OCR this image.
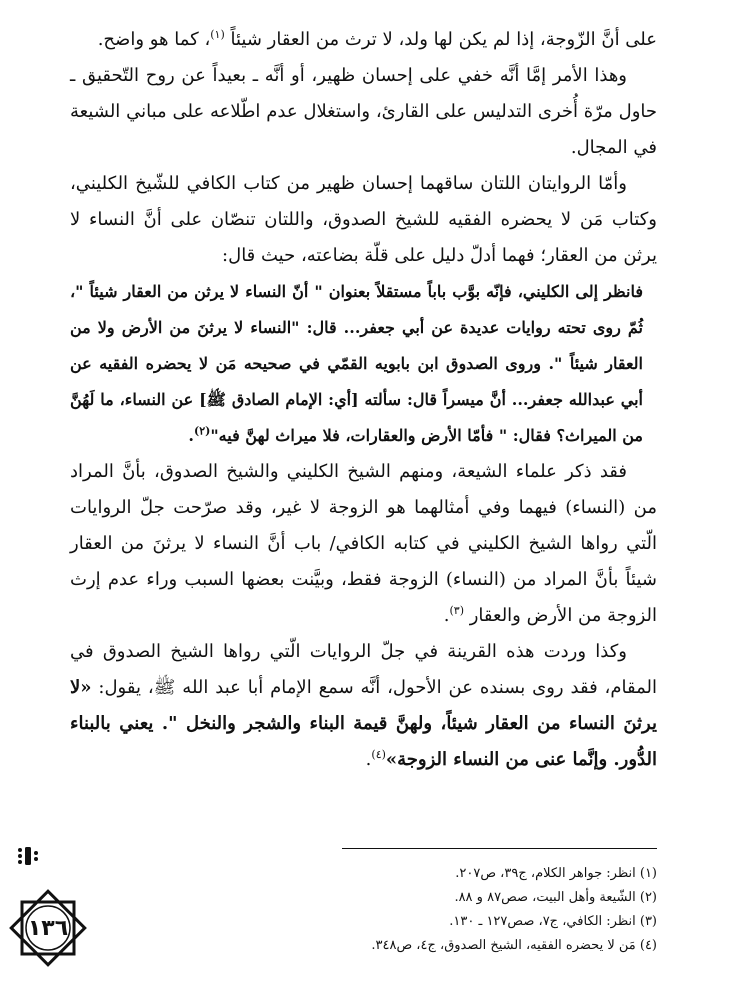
على أنَّ الزّوجة، إذا لم يكن لها ولد، لا ترث من العقار شيئاً $^{(١)}$، كما هو واضح.

وهذا الأمر إمَّا أنَّه خفي على إحسان ظهير، أو أنَّه ـ بعيداً عن روح التّحقيق ـ حاول مرّة أُخرى التدليس على القارئ، واستغلال عدم اطّلاعه على مباني الشيعة في المجال.

وأمّا الروايتان اللتان ساقهما إحسان ظهير من كتاب الكافي للشّيخ الكليني، وكتاب مَن لا يحضره الفقيه للشيخ الصدوق، واللتان تنصّان على أنَّ النساء لا يرثن من العقار؛ فهما أدلّ دليل على قلّة بضاعته، حيث قال:

فانظر إلى الكليني، فإنّه بوَّب باباً مستقلاً بعنوان " أنّ النساء لا يرثن من العقار شيئاً "، ثُمّ روى تحته روايات عديدة عن أبي جعفر... قال: "النساء لا يرثنَ من الأرض ولا من العقار شيئاً ". وروى الصدوق ابن بابويه القمّي في صحيحه مَن لا يحضره الفقيه عن أبي عبدالله جعفر... أنَّ ميسراً قال: سألته [أي: الإمام الصادق ﷺ] عن النساء، ما لَهُنَّ من الميراث؟ فقال: " فأمّا الأرض والعقارات، فلا ميراث لهنَّ فيه"$^{(٢)}$.

فقد ذكر علماء الشيعة، ومنهم الشيخ الكليني والشيخ الصدوق، بأنَّ المراد من (النساء) فيهما وفي أمثالهما هو الزوجة لا غير، وقد صرّحت جلّ الروايات الّتي رواها الشيخ الكليني في كتابه الكافي/ باب أنَّ النساء لا يرثنَ من العقار شيئاً بأنَّ المراد من (النساء) الزوجة فقط، وبيَّنت بعضها السبب وراء عدم إرث الزوجة من الأرض والعقار $^{(٣)}$.

وكذا وردت هذه القرينة في جلّ الروايات الّتي رواها الشيخ الصدوق في المقام، فقد روى بسنده عن الأحول، أنَّه سمع الإمام أبا عبد الله ﷺ، يقول: «لا يرثنَ النساء من العقار شيئاً، ولهنَّ قيمة البناء والشجر والنخل ". يعني بالبناء الدُّور. وإنَّما عنى من النساء الزوجة»$^{(٤)}$.

(١) انظر: جواهر الكلام، ج٣٩، ص٢٠٧.

(٢) الشّيعة وأهل البيت، صص٨٧ و ٨٨.

(٣) انظر: الكافي، ج٧، صص١٢٧ ـ ١٣٠.

(٤) مَن لا يحضره الفقيه، الشيخ الصدوق، ج٤، ص٣٤٨.

١٣٦
